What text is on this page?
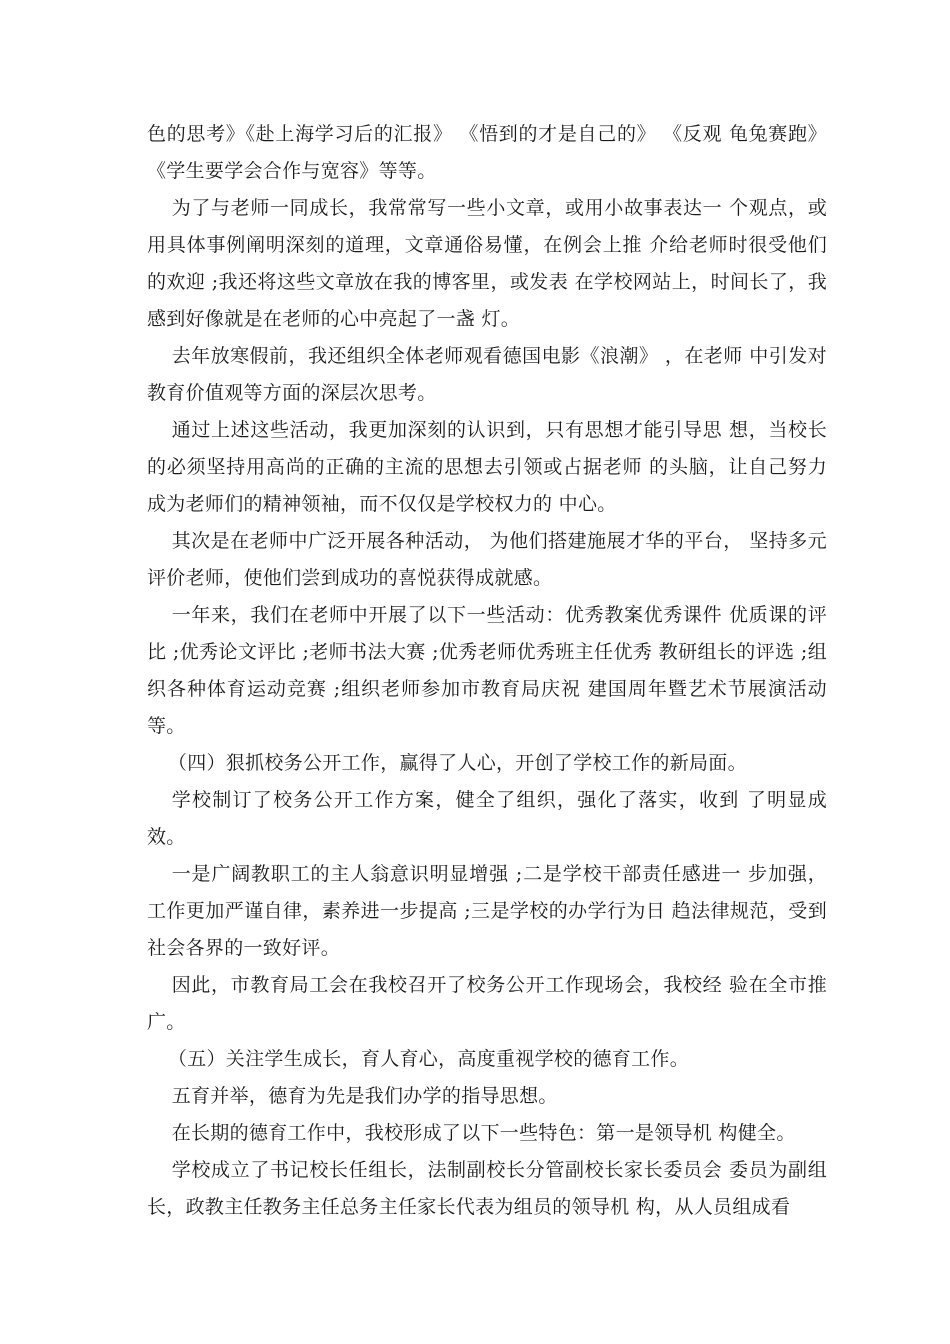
色的思考》《赴上海学习后的汇报》 《悟到的才是自己的》 《反观 龟兔赛跑》《学生要学会合作与宽容》等等。

为了与老师一同成长，我常常写一些小文章，或用小故事表达一 个观点，或用具体事例阐明深刻的道理，文章通俗易懂，在例会上推 介给老师时很受他们的欢迎 ;我还将这些文章放在我的博客里，或发表 在学校网站上，时间长了，我感到好像就是在老师的心中亮起了一盏 灯。

去年放寒假前，我还组织全体老师观看德国电影《浪潮》 ，在老师 中引发对教育价值观等方面的深层次思考。

通过上述这些活动，我更加深刻的认识到，只有思想才能引导思 想，当校长的必须坚持用高尚的正确的主流的思想去引领或占据老师 的头脑，让自己努力成为老师们的精神领袖，而不仅仅是学校权力的 中心。

其次是在老师中广泛开展各种活动， 为他们搭建施展才华的平台， 坚持多元评价老师，使他们尝到成功的喜悦获得成就感。

一年来，我们在老师中开展了以下一些活动：优秀教案优秀课件 优质课的评比 ;优秀论文评比 ;老师书法大赛 ;优秀老师优秀班主任优秀 教研组长的评选 ;组织各种体育运动竞赛 ;组织老师参加市教育局庆祝 建国周年暨艺术节展演活动等。

（四）狠抓校务公开工作，赢得了人心，开创了学校工作的新局面。

学校制订了校务公开工作方案，健全了组织，强化了落实，收到 了明显成效。

一是广阔教职工的主人翁意识明显增强 ;二是学校干部责任感进一 步加强，工作更加严谨自律，素养进一步提高 ;三是学校的办学行为日 趋法律规范，受到社会各界的一致好评。

因此，市教育局工会在我校召开了校务公开工作现场会，我校经 验在全市推广。

（五）关注学生成长，育人育心，高度重视学校的德育工作。

五育并举，德育为先是我们办学的指导思想。

在长期的德育工作中，我校形成了以下一些特色：第一是领导机 构健全。

学校成立了书记校长任组长，法制副校长分管副校长家长委员会 委员为副组长，政教主任教务主任总务主任家长代表为组员的领导机 构，从人员组成看
